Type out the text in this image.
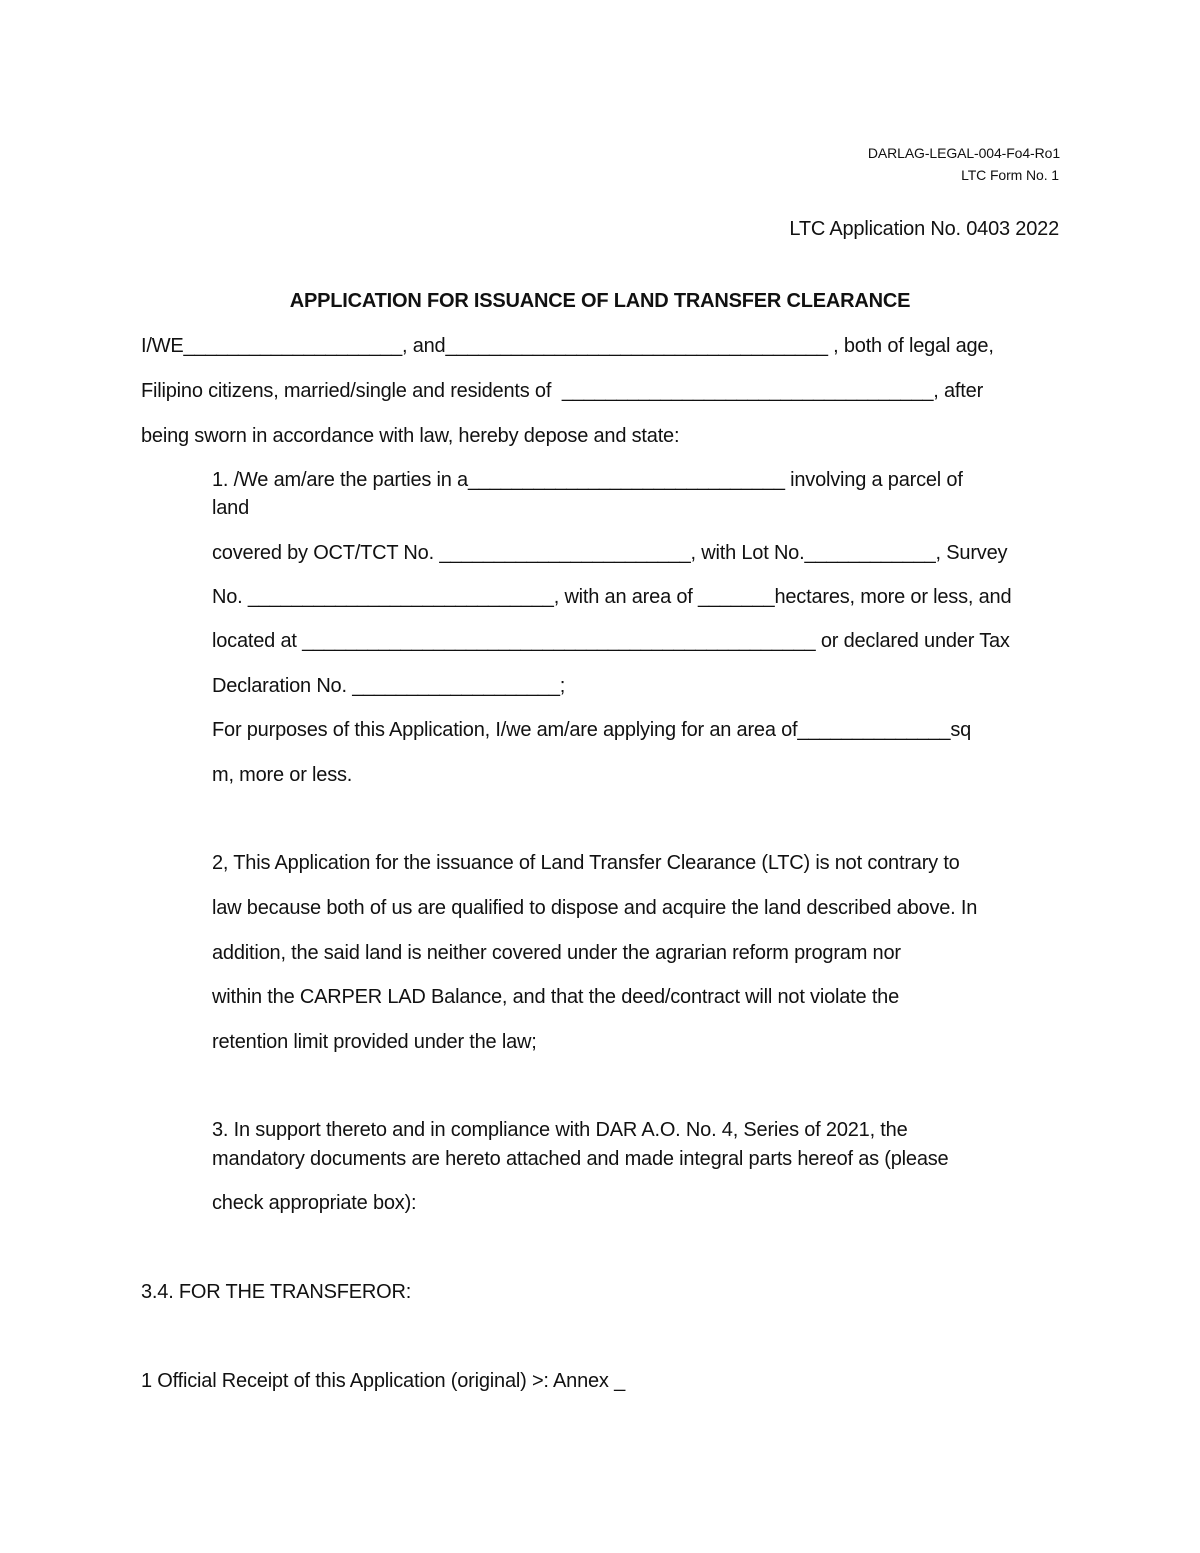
DARLAG-LEGAL-004-Fo4-Ro1
LTC Form No. 1
LTC Application No. 0403 2022
APPLICATION FOR ISSUANCE OF LAND TRANSFER CLEARANCE
I/WE____________________, and___________________________________ , both of legal age,
Filipino citizens, married/single and residents of  __________________________________, after
being sworn in accordance with law, hereby depose and state:
1. /We am/are the parties in a_____________________________ involving a parcel of
land
covered by OCT/TCT No. _______________________, with Lot No.____________, Survey
No. ____________________________, with an area of _______hectares, more or less, and
located at _______________________________________________ or declared under Tax
Declaration No. ___________________;
For purposes of this Application, I/we am/are applying for an area of______________sq
m, more or less.
2, This Application for the issuance of Land Transfer Clearance (LTC) is not contrary to
law because both of us are qualified to dispose and acquire the land described above. In
addition, the said land is neither covered under the agrarian reform program nor
within the CARPER LAD Balance, and that the deed/contract will not violate the
retention limit provided under the law;
3. In support thereto and in compliance with DAR A.O. No. 4, Series of 2021, the
mandatory documents are hereto attached and made integral parts hereof as (please
check appropriate box):
3.4. FOR THE TRANSFEROR:
1 Official Receipt of this Application (original) >: Annex _
